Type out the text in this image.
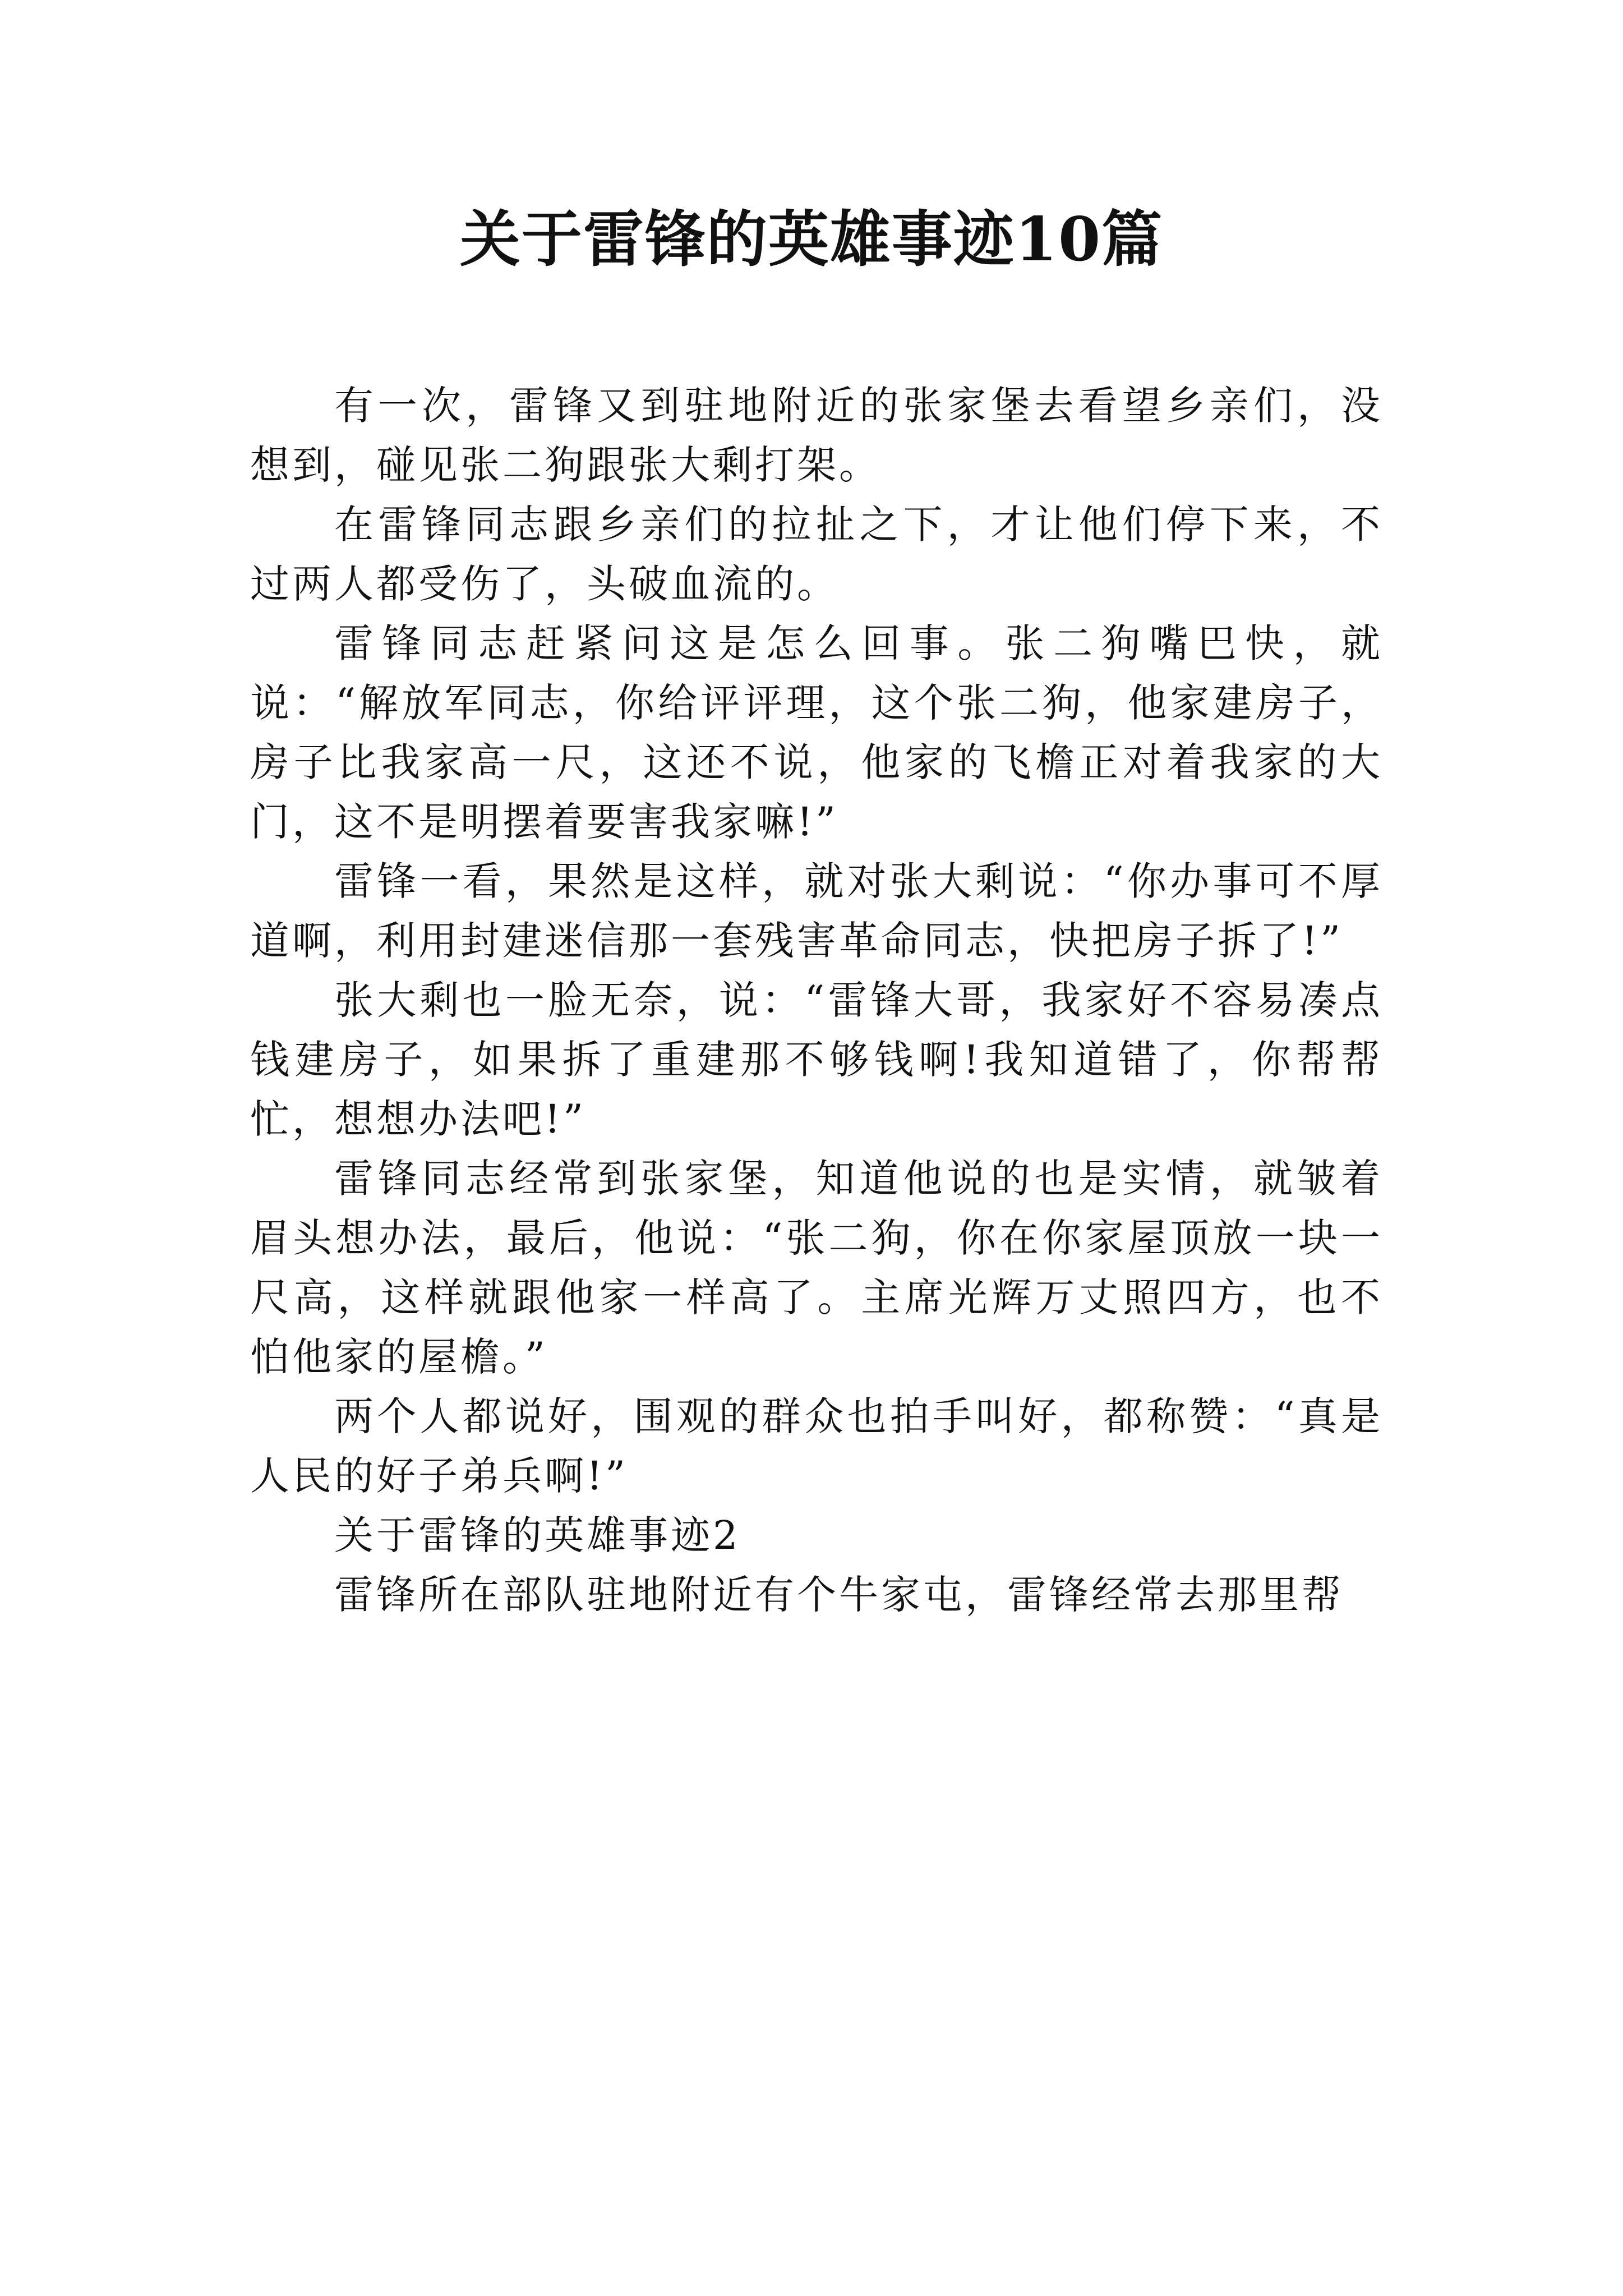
关于雷锋的英雄事迹10篇

有一次，雷锋又到驻地附近的张家堡去看望乡亲们，没想到，碰见张二狗跟张大剩打架。

在雷锋同志跟乡亲们的拉扯之下，才让他们停下来，不过两人都受伤了，头破血流的。

雷锋同志赶紧问这是怎么回事。张二狗嘴巴快，就说：“解放军同志，你给评评理，这个张二狗，他家建房子，房子比我家高一尺，这还不说，他家的飞檐正对着我家的大门，这不是明摆着要害我家嘛!”

雷锋一看，果然是这样，就对张大剩说：“你办事可不厚道啊，利用封建迷信那一套残害革命同志，快把房子拆了!”

张大剩也一脸无奈，说：“雷锋大哥，我家好不容易凑点钱建房子，如果拆了重建那不够钱啊!我知道错了，你帮帮忙，想想办法吧!”

雷锋同志经常到张家堡，知道他说的也是实情，就皱着眉头想办法，最后，他说：“张二狗，你在你家屋顶放一块一尺高，这样就跟他家一样高了。主席光辉万丈照四方，也不怕他家的屋檐。”

两个人都说好，围观的群众也拍手叫好，都称赞：“真是人民的好子弟兵啊!”

关于雷锋的英雄事迹2

雷锋所在部队驻地附近有个牛家屯，雷锋经常去那里帮
